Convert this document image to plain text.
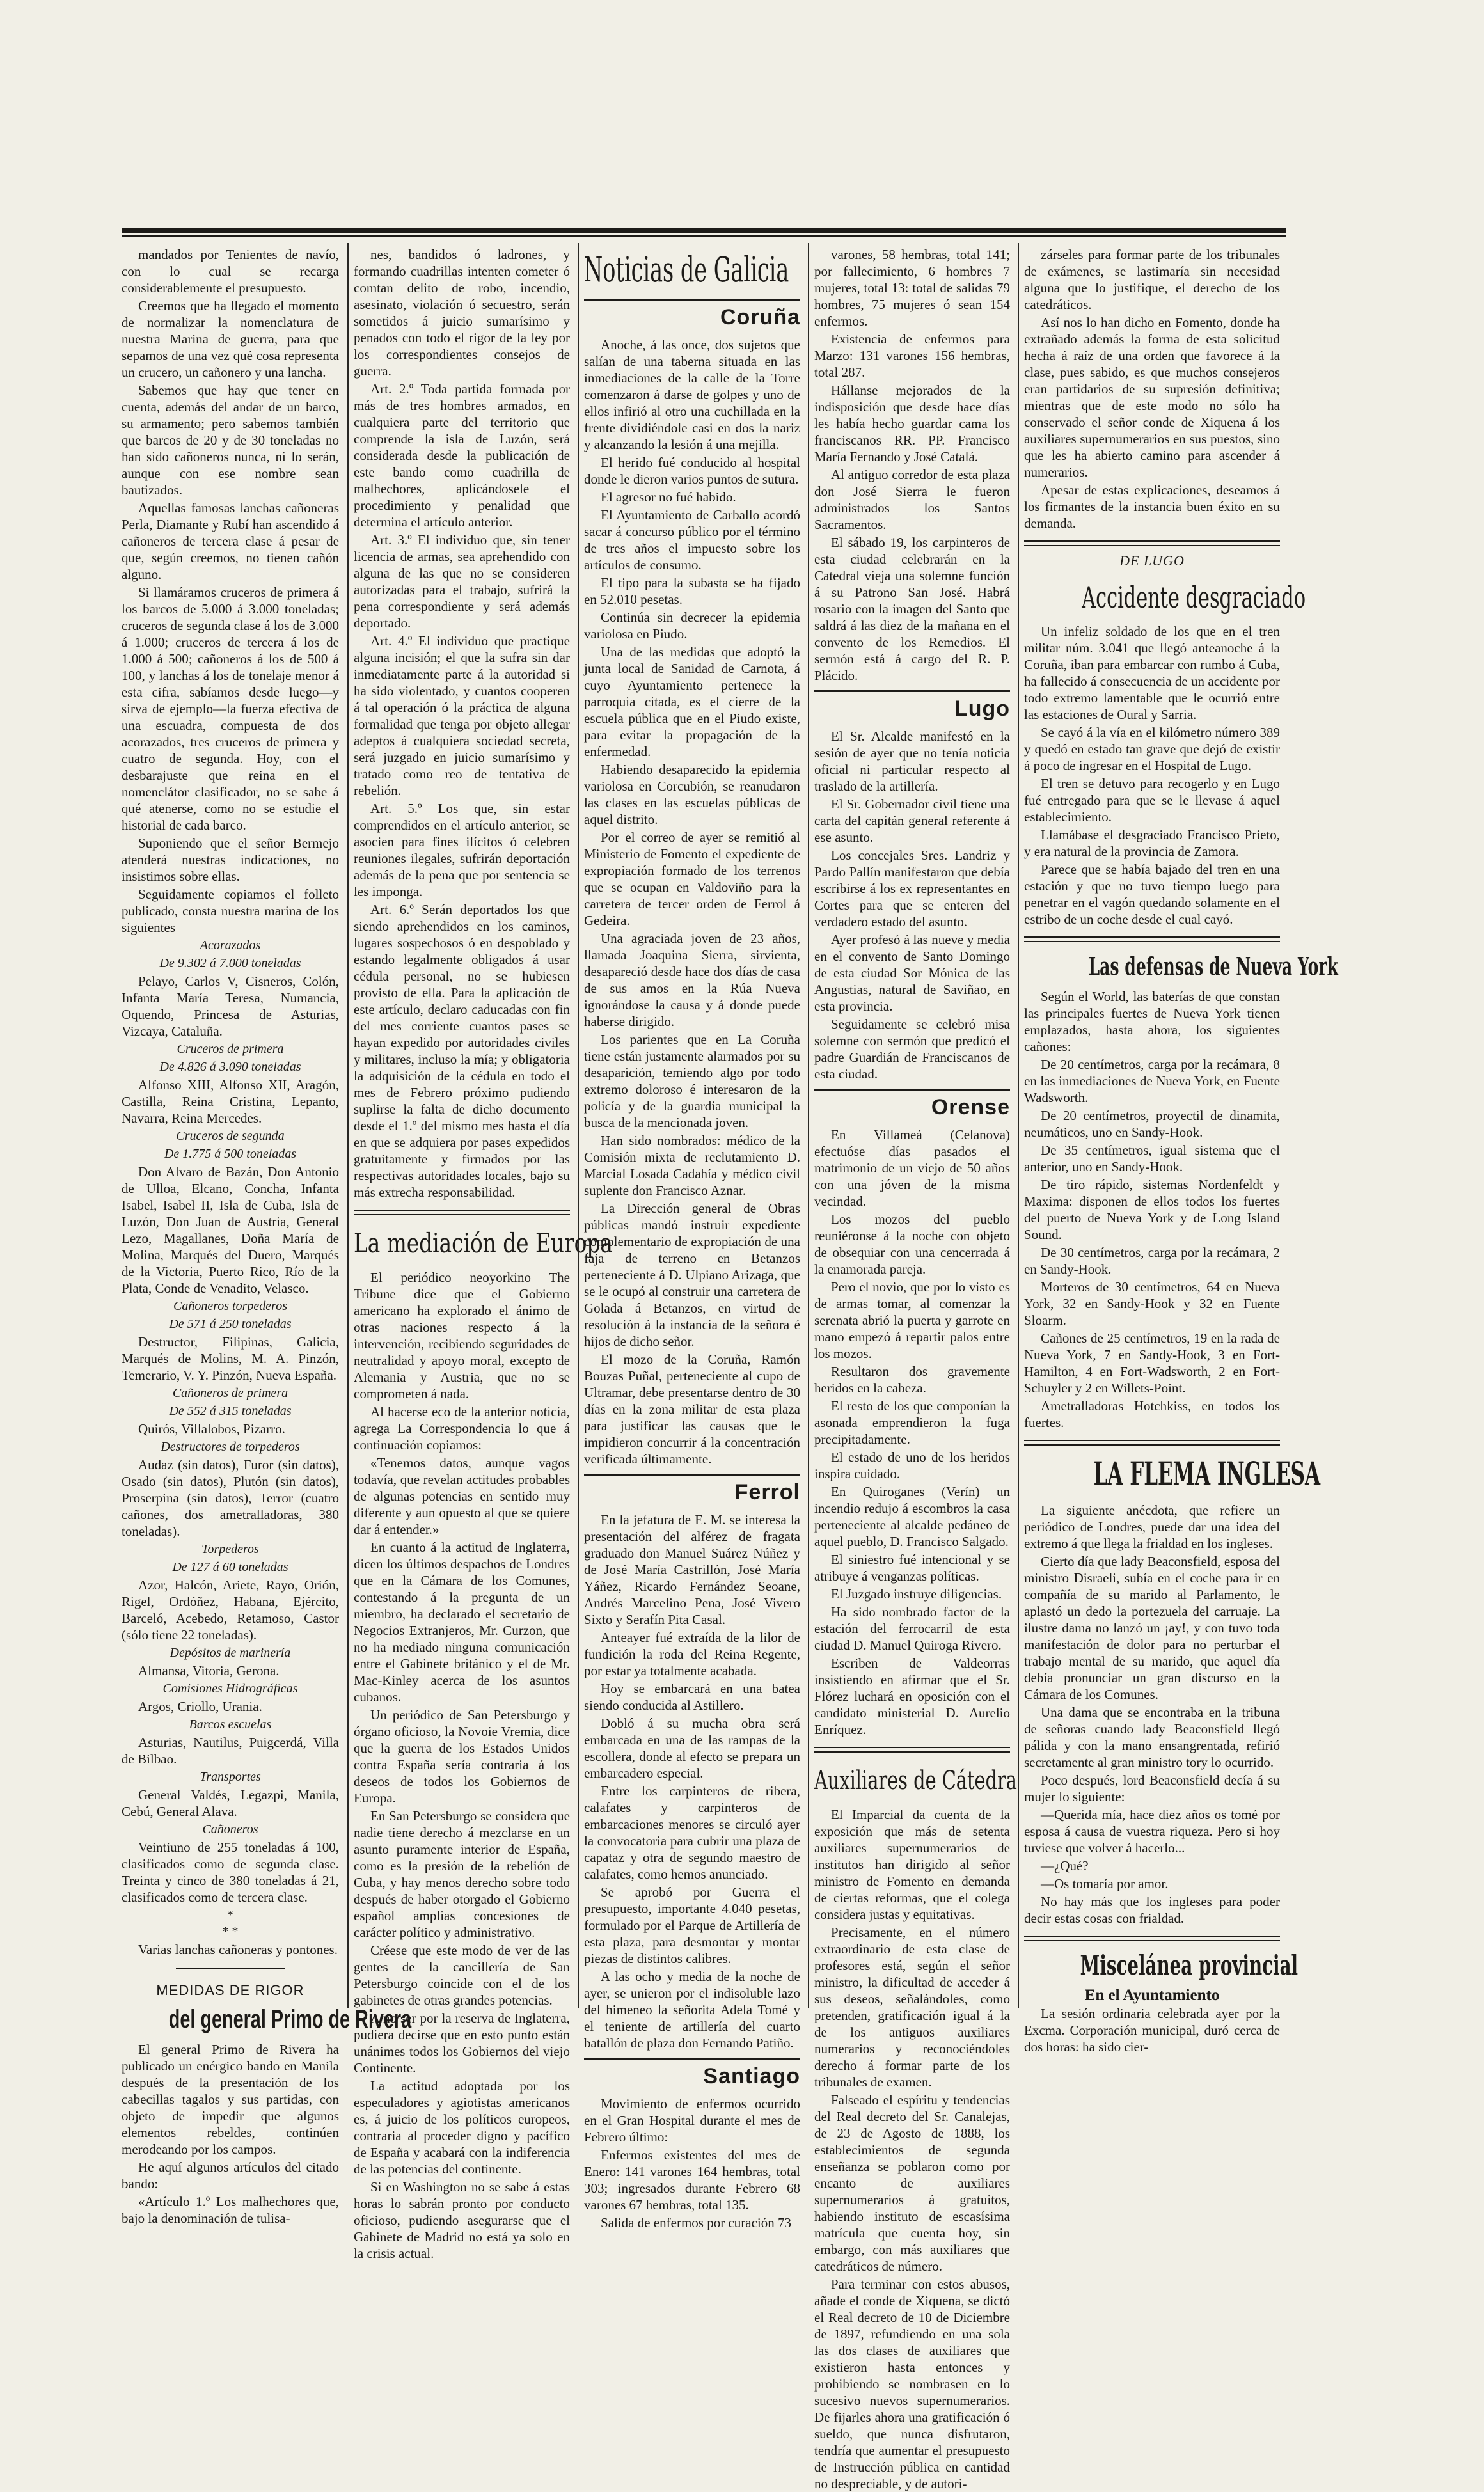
mandados por Tenientes de navío, con lo cual se recarga considerablemente el presupuesto.

Creemos que ha llegado el momento de normalizar la nomenclatura de nuestra Marina de guerra, para que sepamos de una vez qué cosa representa un crucero, un cañonero y una lancha.

Sabemos que hay que tener en cuenta, además del andar de un barco, su armamento; pero sabemos también que barcos de 20 y de 30 toneladas no han sido cañoneros nunca, ni lo serán, aunque con ese nombre sean bautizados.

Aquellas famosas lanchas cañoneras Perla, Diamante y Rubí han ascendido á cañoneros de tercera clase á pesar de que, según creemos, no tienen cañón alguno.

Si llamáramos cruceros de primera á los barcos de 5.000 á 3.000 toneladas; cruceros de segunda clase á los de 3.000 á 1.000; cruceros de tercera á los de 1.000 á 500; cañoneros á los de 500 á 100, y lanchas á los de tonelaje menor á esta cifra, sabíamos desde luego—y sirva de ejemplo—la fuerza efectiva de una escuadra, compuesta de dos acorazados, tres cruceros de primera y cuatro de segunda. Hoy, con el desbarajuste que reina en el nomenclátor clasificador, no se sabe á qué atenerse, como no se estudie el historial de cada barco.

Suponiendo que el señor Bermejo atenderá nuestras indicaciones, no insistimos sobre ellas.

Seguidamente copiamos el folleto publicado, consta nuestra marina de los siguientes

Acorazados

De 9.302 á 7.000 toneladas

Pelayo, Carlos V, Cisneros, Colón, Infanta María Teresa, Numancia, Oquendo, Princesa de Asturias, Vizcaya, Cataluña.

Cruceros de primera

De 4.826 á 3.090 toneladas

Alfonso XIII, Alfonso XII, Aragón, Castilla, Reina Cristina, Lepanto, Navarra, Reina Mercedes.

Cruceros de segunda

De 1.775 á 500 toneladas

Don Alvaro de Bazán, Don Antonio de Ulloa, Elcano, Concha, Infanta Isabel, Isabel II, Isla de Cuba, Isla de Luzón, Don Juan de Austria, General Lezo, Magallanes, Doña María de Molina, Marqués del Duero, Marqués de la Victoria, Puerto Rico, Río de la Plata, Conde de Venadito, Velasco.

Cañoneros torpederos

De 571 á 250 toneladas

Destructor, Filipinas, Galicia, Marqués de Molins, M. A. Pinzón, Temerario, V. Y. Pinzón, Nueva España.

Cañoneros de primera

De 552 á 315 toneladas

Quirós, Villalobos, Pizarro.

Destructores de torpederos

Audaz (sin datos), Furor (sin datos), Osado (sin datos), Plutón (sin datos), Proserpina (sin datos), Terror (cuatro cañones, dos ametralladoras, 380 toneladas).

Torpederos

De 127 á 60 toneladas

Azor, Halcón, Ariete, Rayo, Orión, Rigel, Ordóñez, Habana, Ejército, Barceló, Acebedo, Retamoso, Castor (sólo tiene 22 toneladas).

Depósitos de marinería

Almansa, Vitoria, Gerona.

Comisiones Hidrográficas

Argos, Criollo, Urania.

Barcos escuelas

Asturias, Nautilus, Puigcerdá, Villa de Bilbao.

Transportes

General Valdés, Legazpi, Manila, Cebú, General Alava.

Cañoneros

Veintiuno de 255 toneladas á 100, clasificados como de segunda clase. Treinta y cinco de 380 toneladas á 21, clasificados como de tercera clase.

*
* *

Varias lanchas cañoneras y pontones.

MEDIDAS DE RIGOR
del general Primo de Rivera

El general Primo de Rivera ha publicado un enérgico bando en Manila después de la presentación de los cabecillas tagalos y sus partidas, con objeto de impedir que algunos elementos rebeldes, continúen merodeando por los campos.

He aquí algunos artículos del citado bando:

«Artículo 1.º Los malhechores que, bajo la denominación de tulisa-

nes, bandidos ó ladrones, y formando cuadrillas intenten cometer ó comtan delito de robo, incendio, asesinato, violación ó secuestro, serán sometidos á juicio sumarísimo y penados con todo el rigor de la ley por los correspondientes consejos de guerra.

Art. 2.º Toda partida formada por más de tres hombres armados, en cualquiera parte del territorio que comprende la isla de Luzón, será considerada desde la publicación de este bando como cuadrilla de malhechores, aplicándosele el procedimiento y penalidad que determina el artículo anterior.

Art. 3.º El individuo que, sin tener licencia de armas, sea aprehendido con alguna de las que no se consideren autorizadas para el trabajo, sufrirá la pena correspondiente y será además deportado.

Art. 4.º El individuo que practique alguna incisión; el que la sufra sin dar inmediatamente parte á la autoridad si ha sido violentado, y cuantos cooperen á tal operación ó la práctica de alguna formalidad que tenga por objeto allegar adeptos á cualquiera sociedad secreta, será juzgado en juicio sumarísimo y tratado como reo de tentativa de rebelión.

Art. 5.º Los que, sin estar comprendidos en el artículo anterior, se asocien para fines ilícitos ó celebren reuniones ilegales, sufrirán deportación además de la pena que por sentencia se les imponga.

Art. 6.º Serán deportados los que siendo aprehendidos en los caminos, lugares sospechosos ó en despoblado y estando legalmente obligados á usar cédula personal, no se hubiesen provisto de ella. Para la aplicación de este artículo, declaro caducadas con fin del mes corriente cuantos pases se hayan expedido por autoridades civiles y militares, incluso la mía; y obligatoria la adquisición de la cédula en todo el mes de Febrero próximo pudiendo suplirse la falta de dicho documento desde el 1.º del mismo mes hasta el día en que se adquiera por pases expedidos gratuitamente y firmados por las respectivas autoridades locales, bajo su más extrecha responsabilidad.

La mediación de Europa

El periódico neoyorkino The Tribune dice que el Gobierno americano ha explorado el ánimo de otras naciones respecto á la intervención, recibiendo seguridades de neutralidad y apoyo moral, excepto de Alemania y Austria, que no se comprometen á nada.

Al hacerse eco de la anterior noticia, agrega La Correspondencia lo que á continuación copiamos:

«Tenemos datos, aunque vagos todavía, que revelan actitudes probables de algunas potencias en sentido muy diferente y aun opuesto al que se quiere dar á entender.»

En cuanto á la actitud de Inglaterra, dicen los últimos despachos de Londres que en la Cámara de los Comunes, contestando á la pregunta de un miembro, ha declarado el secretario de Negocios Extranjeros, Mr. Curzon, que no ha mediado ninguna comunicación entre el Gabinete británico y el de Mr. Mac-Kinley acerca de los asuntos cubanos.

Un periódico de San Petersburgo y órgano oficioso, la Novoie Vremia, dice que la guerra de los Estados Unidos contra España sería contraria á los deseos de todos los Gobiernos de Europa.

En San Petersburgo se considera que nadie tiene derecho á mezclarse en un asunto puramente interior de España, como es la presión de la rebelión de Cuba, y hay menos derecho sobre todo después de haber otorgado el Gobierno español amplias concesiones de carácter político y administrativo.

Créese que este modo de ver de las gentes de la cancillería de San Petersburgo coincide con el de los gabinetes de otras grandes potencias.

A no ser por la reserva de Inglaterra, pudiera decirse que en esto punto están unánimes todos los Gobiernos del viejo Continente.

La actitud adoptada por los especuladores y agiotistas americanos es, á juicio de los políticos europeos, contraria al proceder digno y pacífico de España y acabará con la indiferencia de las potencias del continente.

Si en Washington no se sabe á estas horas lo sabrán pronto por conducto oficioso, pudiendo asegurarse que el Gabinete de Madrid no está ya solo en la crisis actual.

Noticias de Galicia
Coruña

Anoche, á las once, dos sujetos que salían de una taberna situada en las inmediaciones de la calle de la Torre comenzaron á darse de golpes y uno de ellos infirió al otro una cuchillada en la frente dividiéndole casi en dos la nariz y alcanzando la lesión á una mejilla.

El herido fué conducido al hospital donde le dieron varios puntos de sutura.

El agresor no fué habido.

El Ayuntamiento de Carballo acordó sacar á concurso público por el término de tres años el impuesto sobre los artículos de consumo.

El tipo para la subasta se ha fijado en 52.010 pesetas.

Continúa sin decrecer la epidemia variolosa en Piudo.

Una de las medidas que adoptó la junta local de Sanidad de Carnota, á cuyo Ayuntamiento pertenece la parroquia citada, es el cierre de la escuela pública que en el Piudo existe, para evitar la propagación de la enfermedad.

Habiendo desaparecido la epidemia variolosa en Corcubión, se reanudaron las clases en las escuelas públicas de aquel distrito.

Por el correo de ayer se remitió al Ministerio de Fomento el expediente de expropiación formado de los terrenos que se ocupan en Valdoviño para la carretera de tercer orden de Ferrol á Gedeira.

Una agraciada joven de 23 años, llamada Joaquina Sierra, sirvienta, desapareció desde hace dos días de casa de sus amos en la Rúa Nueva ignorándose la causa y á donde puede haberse dirigido.

Los parientes que en La Coruña tiene están justamente alarmados por su desaparición, temiendo algo por todo extremo doloroso é interesaron de la policía y de la guardia municipal la busca de la mencionada joven.

Han sido nombrados: médico de la Comisión mixta de reclutamiento D. Marcial Losada Cadahía y médico civil suplente don Francisco Aznar.

La Dirección general de Obras públicas mandó instruir expediente complementario de expropiación de una faja de terreno en Betanzos perteneciente á D. Ulpiano Arizaga, que se le ocupó al construir una carretera de Golada á Betanzos, en virtud de resolución á la instancia de la señora é hijos de dicho señor.

El mozo de la Coruña, Ramón Bouzas Puñal, perteneciente al cupo de Ultramar, debe presentarse dentro de 30 días en la zona militar de esta plaza para justificar las causas que le impidieron concurrir á la concentración verificada últimamente.

Ferrol

En la jefatura de E. M. se interesa la presentación del alférez de fragata graduado don Manuel Suárez Núñez y de José María Castrillón, José María Yáñez, Ricardo Fernández Seoane, Andrés Marcelino Pena, José Vivero Sixto y Serafín Pita Casal.

Anteayer fué extraída de la lilor de fundición la roda del Reina Regente, por estar ya totalmente acabada.

Hoy se embarcará en una batea siendo conducida al Astillero.

Dobló á su mucha obra será embarcada en una de las rampas de la escollera, donde al efecto se prepara un embarcadero especial.

Entre los carpinteros de ribera, calafates y carpinteros de embarcaciones menores se circuló ayer la convocatoria para cubrir una plaza de capataz y otra de segundo maestro de calafates, como hemos anunciado.

Se aprobó por Guerra el presupuesto, importante 4.040 pesetas, formulado por el Parque de Artillería de esta plaza, para desmontar y montar piezas de distintos calibres.

A las ocho y media de la noche de ayer, se unieron por el indisoluble lazo del himeneo la señorita Adela Tomé y el teniente de artillería del cuarto batallón de plaza don Fernando Patiño.

Santiago

Movimiento de enfermos ocurrido en el Gran Hospital durante el mes de Febrero último:

Enfermos existentes del mes de Enero: 141 varones 164 hembras, total 303; ingresados durante Febrero 68 varones 67 hembras, total 135.

Salida de enfermos por curación 73

varones, 58 hembras, total 141; por fallecimiento, 6 hombres 7 mujeres, total 13: total de salidas 79 hombres, 75 mujeres ó sean 154 enfermos.

Existencia de enfermos para Marzo: 131 varones 156 hembras, total 287.

Hállanse mejorados de la indisposición que desde hace días les había hecho guardar cama los franciscanos RR. PP. Francisco María Fernando y José Catalá.

Al antiguo corredor de esta plaza don José Sierra le fueron administrados los Santos Sacramentos.

El sábado 19, los carpinteros de esta ciudad celebrarán en la Catedral vieja una solemne función á su Patrono San José. Habrá rosario con la imagen del Santo que saldrá á las diez de la mañana en el convento de los Remedios. El sermón está á cargo del R. P. Plácido.

Lugo

El Sr. Alcalde manifestó en la sesión de ayer que no tenía noticia oficial ni particular respecto al traslado de la artillería.

El Sr. Gobernador civil tiene una carta del capitán general referente á ese asunto.

Los concejales Sres. Landriz y Pardo Pallín manifestaron que debía escribirse á los ex representantes en Cortes para que se enteren del verdadero estado del asunto.

Ayer profesó á las nueve y media en el convento de Santo Domingo de esta ciudad Sor Mónica de las Angustias, natural de Saviñao, en esta provincia.

Seguidamente se celebró misa solemne con sermón que predicó el padre Guardián de Franciscanos de esta ciudad.

Orense

En Villameá (Celanova) efectuóse días pasados el matrimonio de un viejo de 50 años con una jóven de la misma vecindad.

Los mozos del pueblo reuniéronse á la noche con objeto de obsequiar con una cencerrada á la enamorada pareja.

Pero el novio, que por lo visto es de armas tomar, al comenzar la serenata abrió la puerta y garrote en mano empezó á repartir palos entre los mozos.

Resultaron dos gravemente heridos en la cabeza.

El resto de los que componían la asonada emprendieron la fuga precipitadamente.

El estado de uno de los heridos inspira cuidado.

En Quiroganes (Verín) un incendio redujo á escombros la casa perteneciente al alcalde pedáneo de aquel pueblo, D. Francisco Salgado.

El siniestro fué intencional y se atribuye á venganzas políticas.

El Juzgado instruye diligencias.

Ha sido nombrado factor de la estación del ferrocarril de esta ciudad D. Manuel Quiroga Rivero.

Escriben de Valdeorras insistiendo en afirmar que el Sr. Flórez luchará en oposición con el candidato ministerial D. Aurelio Enríquez.

Auxiliares de Cátedra

El Imparcial da cuenta de la exposición que más de setenta auxiliares supernumerarios de institutos han dirigido al señor ministro de Fomento en demanda de ciertas reformas, que el colega considera justas y equitativas.

Precisamente, en el número extraordinario de esta clase de profesores está, según el señor ministro, la dificultad de acceder á sus deseos, señalándoles, como pretenden, gratificación igual á la de los antiguos auxiliares numerarios y reconociéndoles derecho á formar parte de los tribunales de examen.

Falseado el espíritu y tendencias del Real decreto del Sr. Canalejas, de 23 de Agosto de 1888, los establecimientos de segunda enseñanza se poblaron como por encanto de auxiliares supernumerarios á gratuitos, habiendo instituto de escasísima matrícula que cuenta hoy, sin embargo, con más auxiliares que catedráticos de número.

Para terminar con estos abusos, añade el conde de Xiquena, se dictó el Real decreto de 10 de Diciembre de 1897, refundiendo en una sola las dos clases de auxiliares que existieron hasta entonces y prohibiendo se nombrasen en lo sucesivo nuevos supernumerarios. De fijarles ahora una gratificación ó sueldo, que nunca disfrutaron, tendría que aumentar el presupuesto de Instrucción pública en cantidad no despreciable, y de autori-

zárseles para formar parte de los tribunales de exámenes, se lastimaría sin necesidad alguna que lo justifique, el derecho de los catedráticos.

Así nos lo han dicho en Fomento, donde ha extrañado además la forma de esta solicitud hecha á raíz de una orden que favorece á la clase, pues sabido, es que muchos consejeros eran partidarios de su supresión definitiva; mientras que de este modo no sólo ha conservado el señor conde de Xiquena á los auxiliares supernumerarios en sus puestos, sino que les ha abierto camino para ascender á numerarios.

Apesar de estas explicaciones, deseamos á los firmantes de la instancia buen éxito en su demanda.

DE LUGO
Accidente desgraciado

Un infeliz soldado de los que en el tren militar núm. 3.041 que llegó anteanoche á la Coruña, iban para embarcar con rumbo á Cuba, ha fallecido á consecuencia de un accidente por todo extremo lamentable que le ocurrió entre las estaciones de Oural y Sarria.

Se cayó á la vía en el kilómetro número 389 y quedó en estado tan grave que dejó de existir á poco de ingresar en el Hospital de Lugo.

El tren se detuvo para recogerlo y en Lugo fué entregado para que se le llevase á aquel establecimiento.

Llamábase el desgraciado Francisco Prieto, y era natural de la provincia de Zamora.

Parece que se había bajado del tren en una estación y que no tuvo tiempo luego para penetrar en el vagón quedando solamente en el estribo de un coche desde el cual cayó.

Las defensas de Nueva York

Según el World, las baterías de que constan las principales fuertes de Nueva York tienen emplazados, hasta ahora, los siguientes cañones:

De 20 centímetros, carga por la recámara, 8 en las inmediaciones de Nueva York, en Fuente Wadsworth.

De 20 centímetros, proyectil de dinamita, neumáticos, uno en Sandy-Hook.

De 35 centímetros, igual sistema que el anterior, uno en Sandy-Hook.

De tiro rápido, sistemas Nordenfeldt y Maxima: disponen de ellos todos los fuertes del puerto de Nueva York y de Long Island Sound.

De 30 centímetros, carga por la recámara, 2 en Sandy-Hook.

Morteros de 30 centímetros, 64 en Nueva York, 32 en Sandy-Hook y 32 en Fuente Sloarm.

Cañones de 25 centímetros, 19 en la rada de Nueva York, 7 en Sandy-Hook, 3 en Fort-Hamilton, 4 en Fort-Wadsworth, 2 en Fort-Schuyler y 2 en Willets-Point.

Ametralladoras Hotchkiss, en todos los fuertes.

LA FLEMA INGLESA

La siguiente anécdota, que refiere un periódico de Londres, puede dar una idea del extremo á que llega la frialdad en los ingleses.

Cierto día que lady Beaconsfield, esposa del ministro Disraeli, subía en el coche para ir en compañía de su marido al Parlamento, le aplastó un dedo la portezuela del carruaje. La ilustre dama no lanzó un ¡ay!, y con tuvo toda manifestación de dolor para no perturbar el trabajo mental de su marido, que aquel día debía pronunciar un gran discurso en la Cámara de los Comunes.

Una dama que se encontraba en la tribuna de señoras cuando lady Beaconsfield llegó pálida y con la mano ensangrentada, refirió secretamente al gran ministro tory lo ocurrido.

Poco después, lord Beaconsfield decía á su mujer lo siguiente:

—Querida mía, hace diez años os tomé por esposa á causa de vuestra riqueza. Pero si hoy tuviese que volver á hacerlo...

—¿Qué?

—Os tomaría por amor.

No hay más que los ingleses para poder decir estas cosas con frialdad.

Miscelánea provincial

En el Ayuntamiento

La sesión ordinaria celebrada ayer por la Excma. Corporación municipal, duró cerca de dos horas: ha sido cier-
